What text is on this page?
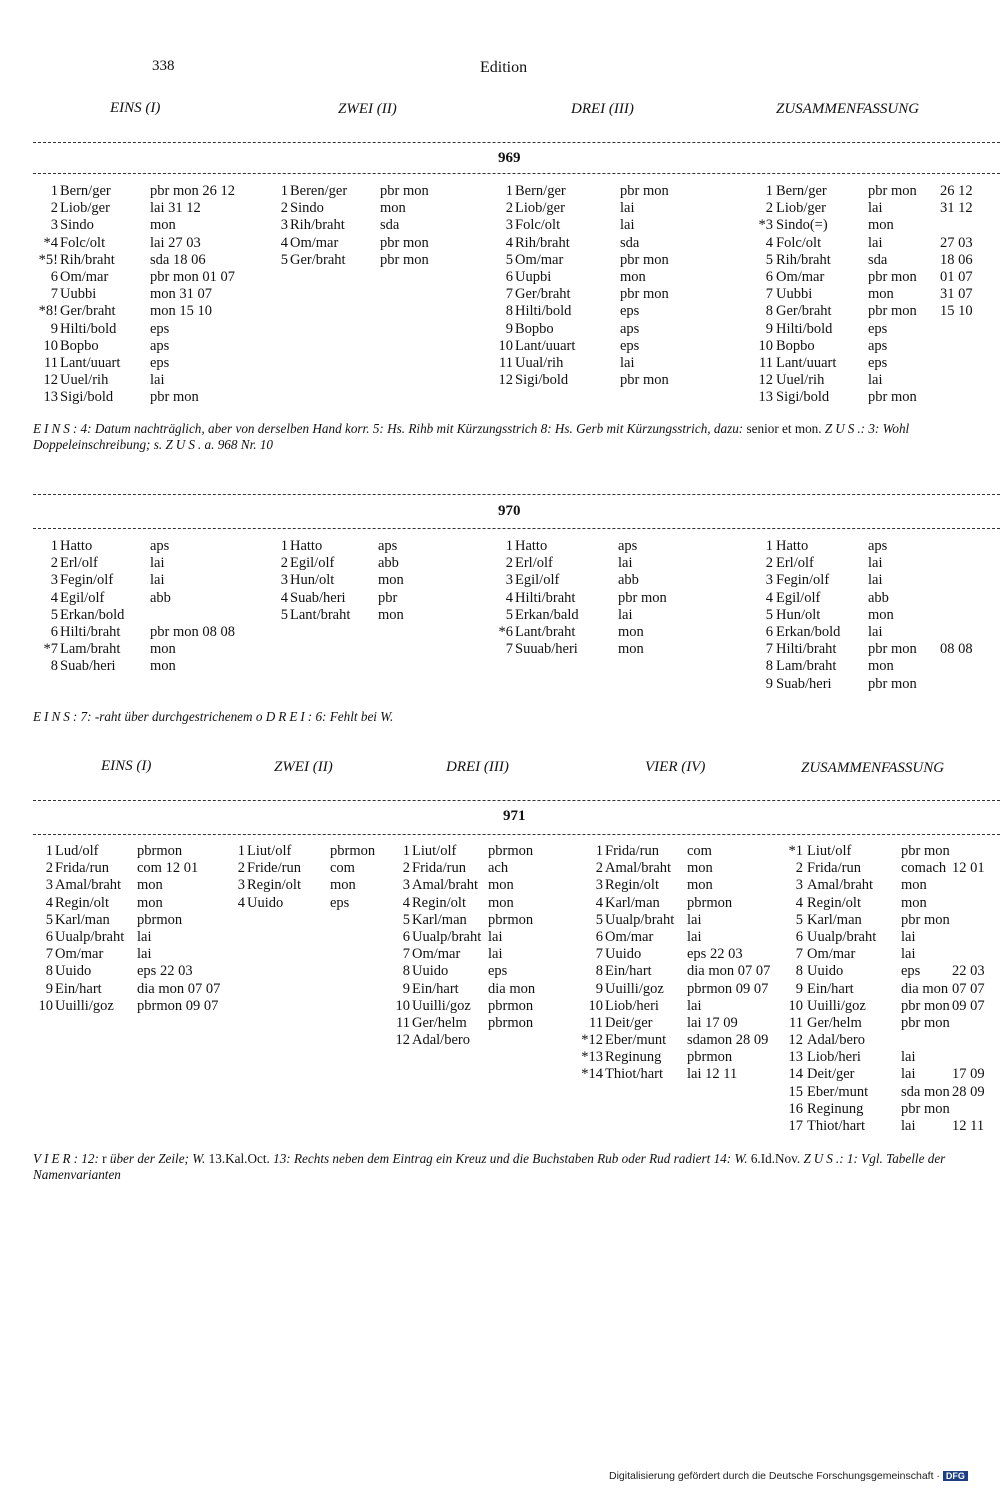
338	Edition
EINS (I)	ZWEI (II)	DREI (III)	ZUSAMMENFASSUNG
969
1 Bern/ger	pbr mon 26 12
2 Liob/ger	lai 31 12
3 Sindo	mon
*4 Folc/olt	lai 27 03
*5! Rih/braht sda 18 06
6 Om/mar	pbr mon 01 07
7 Uubbi	mon 31 07
*8! Ger/braht mon 15 10
9 Hilti/bold eps
10 Bopbo	aps
11 Lant/uuart eps
12 Uuel/rih	lai
13 Sigi/bold	pbr mon
1 Beren/ger pbr mon
2 Sindo	mon
3 Rih/braht sda
4 Om/mar	pbr mon
5 Ger/braht pbr mon
1 Bern/ger	pbr mon
2 Liob/ger	lai
3 Folc/olt	lai
4 Rih/braht	sda
5 Om/mar	pbr mon
6 Uupbi	mon
7 Ger/braht	pbr mon
8 Hilti/bold	eps
9 Bopbo	aps
10 Lant/uuart	eps
11 Uual/rih	lai
12 Sigi/bold	pbr mon
1 Bern/ger	pbr mon 26 12
2 Liob/ger	lai	31 12
*3 Sindo(=)	mon
4 Folc/olt	lai	27 03
5 Rih/braht	sda	18 06
6 Om/mar	pbr mon 01 07
7 Uubbi	mon	31 07
8 Ger/braht	pbr mon 15 10
9 Hilti/bold eps
10 Bopbo	aps
11 Lant/uuart eps
12 Uuel/rih	lai
13 Sigi/bold	pbr mon
EINS: 4: Datum nachträglich, aber von derselben Hand korr. 5: Hs. Rihb mit Kürzungsstrich 8: Hs. Gerb mit Kürzungsstrich, dazu: senior et mon. ZUS.: 3: Wohl Doppeleinschreibung; s. ZUS. a. 968 Nr. 10
970
1 Hatto	aps
2 Erl/olf	lai
3 Fegin/olf	lai
4 Egil/olf	abb
5 Erkan/bold
6 Hilti/braht pbr mon 08 08
*7 Lam/braht mon
8 Suab/heri mon
1 Hatto	aps
2 Egil/olf	abb
3 Hun/olt	mon
4 Suab/heri pbr
5 Lant/braht mon
1 Hatto	aps
2 Erl/olf	lai
3 Egil/olf	abb
4 Hilti/braht	pbr mon
5 Erkan/bald	lai
*6 Lant/braht	mon
7 Suuab/heri	mon
1 Hatto	aps
2 Erl/olf	lai
3 Fegin/olf	lai
4 Egil/olf	abb
5 Hun/olt	mon
6 Erkan/bold lai
7 Hilti/braht pbr mon 08 08
8 Lam/braht mon
9 Suab/heri	pbr mon
EINS: 7: -raht über durchgestrichenem o DREI: 6: Fehlt bei W.
EINS (I)	ZWEI (II)	DREI (III)	VIER (IV)	ZUSAMMENFASSUNG
971
1 Lud/olf	pbrmon
2 Frida/run com 12 01
3 Amal/braht mon
4 Regin/olt mon
5 Karl/man pbrmon
6 Uualp/braht lai
7 Om/mar lai
8 Uuido	eps 22 03
9 Ein/hart dia mon 07 07
10 Uuilli/goz pbrmon 09 07
1 Liut/olf	pbrmon
2 Fride/run com
3 Regin/olt mon
4 Uuido	eps
1 Liut/olf pbrmon
2 Frida/run ach
3 Amal/braht mon
4 Regin/olt mon
5 Karl/man pbrmon
6 Uualp/braht lai
7 Om/mar lai
8 Uuido	eps
9 Ein/hart dia mon
10 Uuilli/goz pbrmon
11 Ger/helm pbrmon
12 Adal/bero
1 Frida/run com
2 Amal/braht mon
3 Regin/olt mon
4 Karl/man pbrmon
5 Uualp/braht lai
6 Om/mar lai
7 Uuido	eps 22 03
8 Ein/hart dia mon 07 07
9 Uuilli/goz pbrmon 09 07
10 Liob/heri lai
11 Deit/ger lai 17 09
*12 Eber/munt sdamon 28 09
*13 Reginung pbrmon
*14 Thiot/hart lai 12 11
*1 Liut/olf	pbr mon
2 Frida/run	comach 12 01
3 Amal/braht mon
4 Regin/olt	mon
5 Karl/man	pbr mon
6 Uualp/braht lai
7 Om/mar	lai
8 Uuido	eps 22 03
9 Ein/hart	dia mon 07 07
10 Uuilli/goz pbr mon 09 07
11 Ger/helm	pbr mon
12 Adal/bero
13 Liob/heri	lai
14 Deit/ger	lai	17 09
15 Eber/munt sda mon 28 09
16 Reginung	pbr mon
17 Thiot/hart lai	12 11
VIER: 12: r über der Zeile; W. 13.Kal.Oct. 13: Rechts neben dem Eintrag ein Kreuz und die Buchstaben Rub oder Rud radiert 14: W. 6.Id.Nov. ZUS.: 1: Vgl. Tabelle der Namenvarianten
Digitalisierung gefördert durch die Deutsche Forschungsgemeinschaft · DFG
